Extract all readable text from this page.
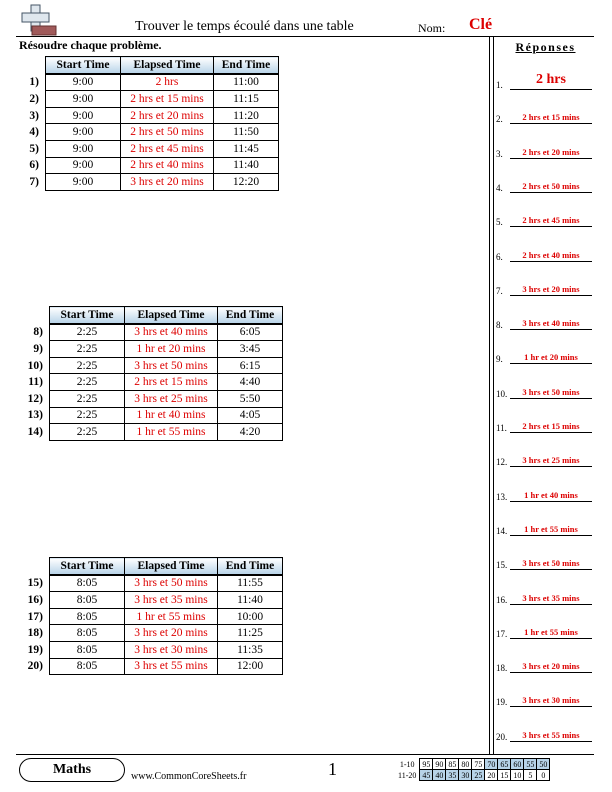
Trouver le temps écoulé dans une table	Nom: Clé
Résoudre chaque problème.
	Start Time	Elapsed Time	End Time
1)	9:00	2 hrs	11:00
2)	9:00	2 hrs et 15 mins	11:15
3)	9:00	2 hrs et 20 mins	11:20
4)	9:00	2 hrs et 50 mins	11:50
5)	9:00	2 hrs et 45 mins	11:45
6)	9:00	2 hrs et 40 mins	11:40
7)	9:00	3 hrs et 20 mins	12:20
	Start Time	Elapsed Time	End Time
8)	2:25	3 hrs et 40 mins	6:05
9)	2:25	1 hr et 20 mins	3:45
10)	2:25	3 hrs et 50 mins	6:15
11)	2:25	2 hrs et 15 mins	4:40
12)	2:25	3 hrs et 25 mins	5:50
13)	2:25	1 hr et 40 mins	4:05
14)	2:25	1 hr et 55 mins	4:20
	Start Time	Elapsed Time	End Time
15)	8:05	3 hrs et 50 mins	11:55
16)	8:05	3 hrs et 35 mins	11:40
17)	8:05	1 hr et 55 mins	10:00
18)	8:05	3 hrs et 20 mins	11:25
19)	8:05	3 hrs et 30 mins	11:35
20)	8:05	3 hrs et 55 mins	12:00
Réponses
1.	2 hrs
2.	2 hrs et 15 mins
3.	2 hrs et 20 mins
4.	2 hrs et 50 mins
5.	2 hrs et 45 mins
6.	2 hrs et 40 mins
7.	3 hrs et 20 mins
8.	3 hrs et 40 mins
9.	1 hr et 20 mins
10.	3 hrs et 50 mins
11.	2 hrs et 15 mins
12.	3 hrs et 25 mins
13.	1 hr et 40 mins
14.	1 hr et 55 mins
15.	3 hrs et 50 mins
16.	3 hrs et 35 mins
17.	1 hr et 55 mins
18.	3 hrs et 20 mins
19.	3 hrs et 30 mins
20.	3 hrs et 55 mins
Maths	www.CommonCoreSheets.fr	1	1-10	95	90	85	80	75	70	65	60	55	50
11-20	45	40	35	30	25	20	15	10	5	0
